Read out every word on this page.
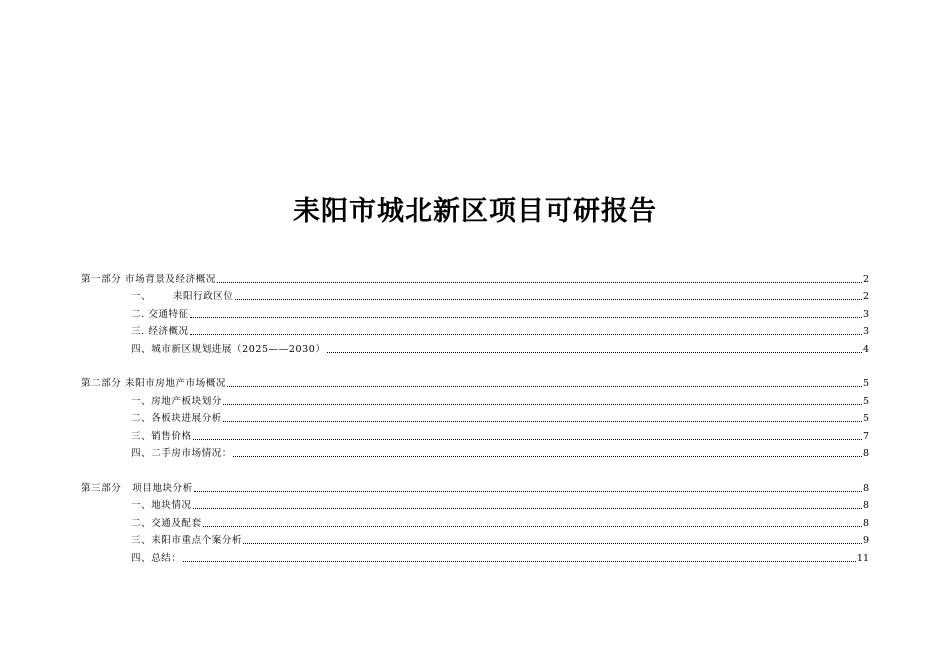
耒阳市城北新区项目可研报告
第一部分 市场背景及经济概况	2
一、      耒阳行政区位	2
二. 交通特征	3
三. 经济概况	3
四、城市新区规划进展（2025——2030）	4
第二部分 耒阳市房地产市场概况	5
一、房地产板块划分	5
二、各板块进展分析	5
三、销售价格	7
四、二手房市场情况：	8
第三部分   项目地块分析	8
一、地块情况	8
二、交通及配套	8
三、耒阳市重点个案分析	9
四、总结：	11
